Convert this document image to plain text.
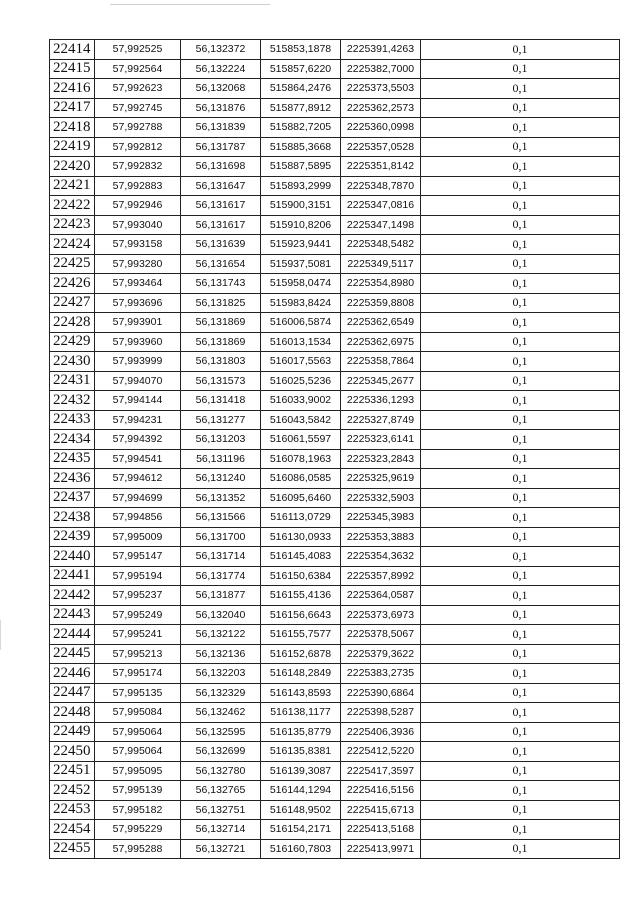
22414	57,992525	56,132372	515853,1878	2225391,4263	0,1
22415	57,992564	56,132224	515857,6220	2225382,7000	0,1
22416	57,992623	56,132068	515864,2476	2225373,5503	0,1
22417	57,992745	56,131876	515877,8912	2225362,2573	0,1
22418	57,992788	56,131839	515882,7205	2225360,0998	0,1
22419	57,992812	56,131787	515885,3668	2225357,0528	0,1
22420	57,992832	56,131698	515887,5895	2225351,8142	0,1
22421	57,992883	56,131647	515893,2999	2225348,7870	0,1
22422	57,992946	56,131617	515900,3151	2225347,0816	0,1
22423	57,993040	56,131617	515910,8206	2225347,1498	0,1
22424	57,993158	56,131639	515923,9441	2225348,5482	0,1
22425	57,993280	56,131654	515937,5081	2225349,5117	0,1
22426	57,993464	56,131743	515958,0474	2225354,8980	0,1
22427	57,993696	56,131825	515983,8424	2225359,8808	0,1
22428	57,993901	56,131869	516006,5874	2225362,6549	0,1
22429	57,993960	56,131869	516013,1534	2225362,6975	0,1
22430	57,993999	56,131803	516017,5563	2225358,7864	0,1
22431	57,994070	56,131573	516025,5236	2225345,2677	0,1
22432	57,994144	56,131418	516033,9002	2225336,1293	0,1
22433	57,994231	56,131277	516043,5842	2225327,8749	0,1
22434	57,994392	56,131203	516061,5597	2225323,6141	0,1
22435	57,994541	56,131196	516078,1963	2225323,2843	0,1
22436	57,994612	56,131240	516086,0585	2225325,9619	0,1
22437	57,994699	56,131352	516095,6460	2225332,5903	0,1
22438	57,994856	56,131566	516113,0729	2225345,3983	0,1
22439	57,995009	56,131700	516130,0933	2225353,3883	0,1
22440	57,995147	56,131714	516145,4083	2225354,3632	0,1
22441	57,995194	56,131774	516150,6384	2225357,8992	0,1
22442	57,995237	56,131877	516155,4136	2225364,0587	0,1
22443	57,995249	56,132040	516156,6643	2225373,6973	0,1
22444	57,995241	56,132122	516155,7577	2225378,5067	0,1
22445	57,995213	56,132136	516152,6878	2225379,3622	0,1
22446	57,995174	56,132203	516148,2849	2225383,2735	0,1
22447	57,995135	56,132329	516143,8593	2225390,6864	0,1
22448	57,995084	56,132462	516138,1177	2225398,5287	0,1
22449	57,995064	56,132595	516135,8779	2225406,3936	0,1
22450	57,995064	56,132699	516135,8381	2225412,5220	0,1
22451	57,995095	56,132780	516139,3087	2225417,3597	0,1
22452	57,995139	56,132765	516144,1294	2225416,5156	0,1
22453	57,995182	56,132751	516148,9502	2225415,6713	0,1
22454	57,995229	56,132714	516154,2171	2225413,5168	0,1
22455	57,995288	56,132721	516160,7803	2225413,9971	0,1
